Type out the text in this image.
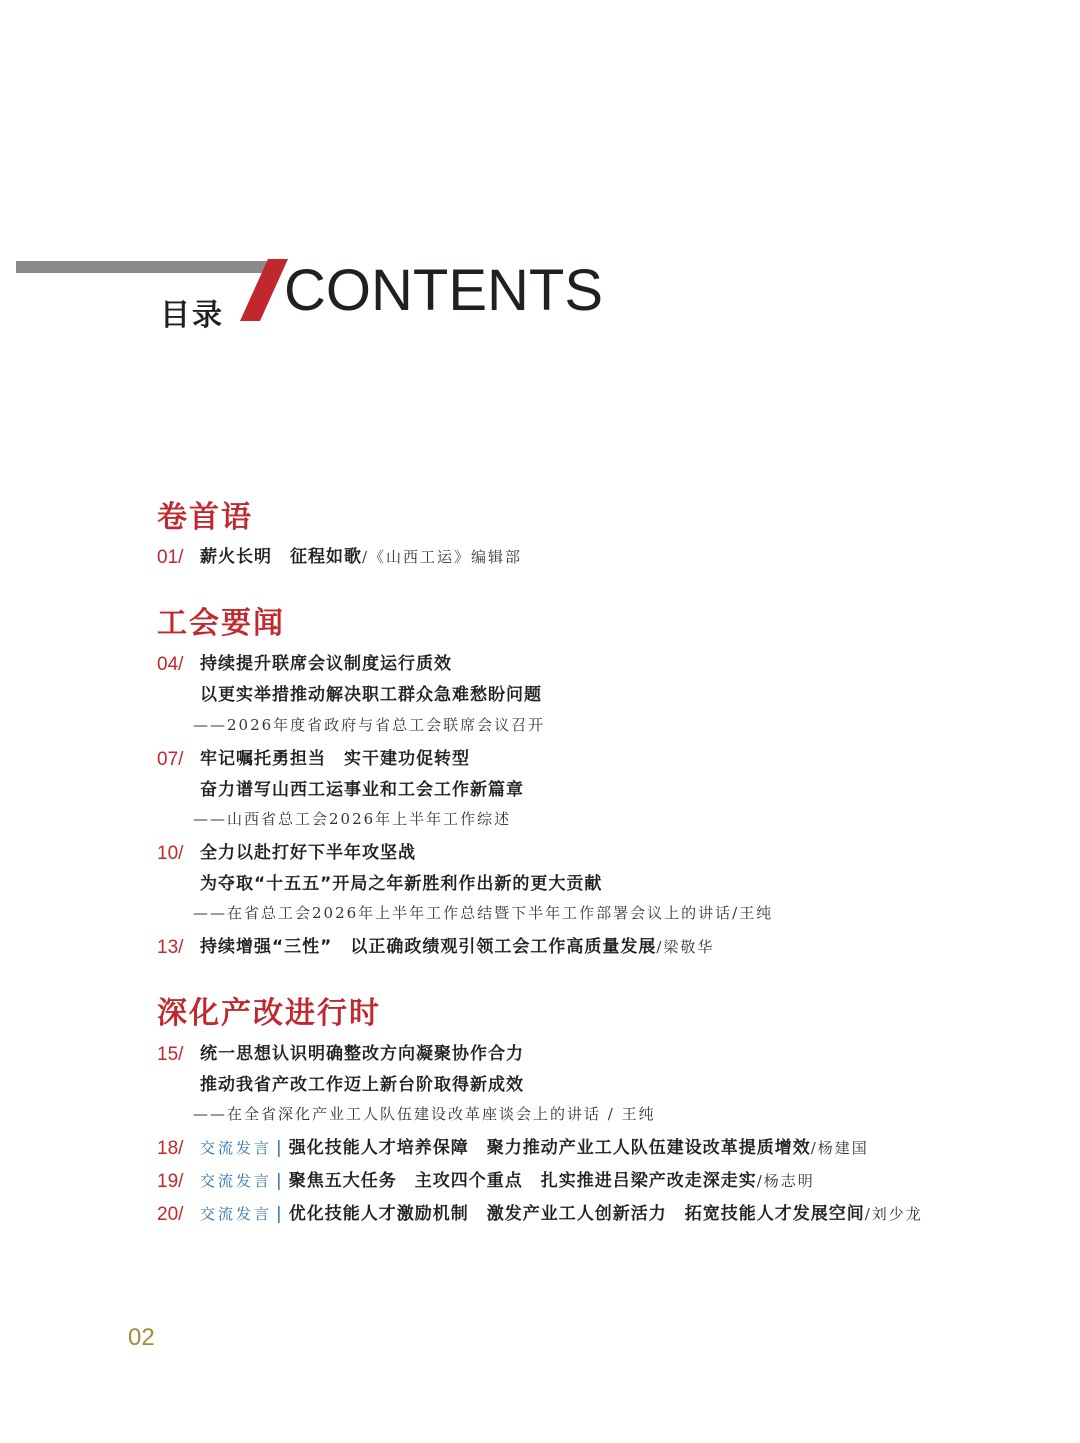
目录 CONTENTS
卷首语
01/ 薪火长明　征程如歌/《山西工运》编辑部
工会要闻
04/ 持续提升联席会议制度运行质效
以更实举措推动解决职工群众急难愁盼问题
——2026年度省政府与省总工会联席会议召开
07/ 牢记嘱托勇担当　实干建功促转型
奋力谱写山西工运事业和工会工作新篇章
——山西省总工会2026年上半年工作综述
10/ 全力以赴打好下半年攻坚战
为夺取“十五五”开局之年新胜利作出新的更大贡献
——在省总工会2026年上半年工作总结暨下半年工作部署会议上的讲话/王纯
13/ 持续增强“三性”　以正确政绩观引领工会工作高质量发展/梁敬华
深化产改进行时
15/ 统一思想认识明确整改方向凝聚协作合力
推动我省产改工作迈上新台阶取得新成效
——在全省深化产业工人队伍建设改革座谈会上的讲话 / 王纯
18/ 交流发言 | 强化技能人才培养保障　聚力推动产业工人队伍建设改革提质增效/杨建国
19/ 交流发言 | 聚焦五大任务　主攻四个重点　扎实推进吕梁产改走深走实/杨志明
20/ 交流发言 | 优化技能人才激励机制　激发产业工人创新活力　拓宽技能人才发展空间/刘少龙
02
